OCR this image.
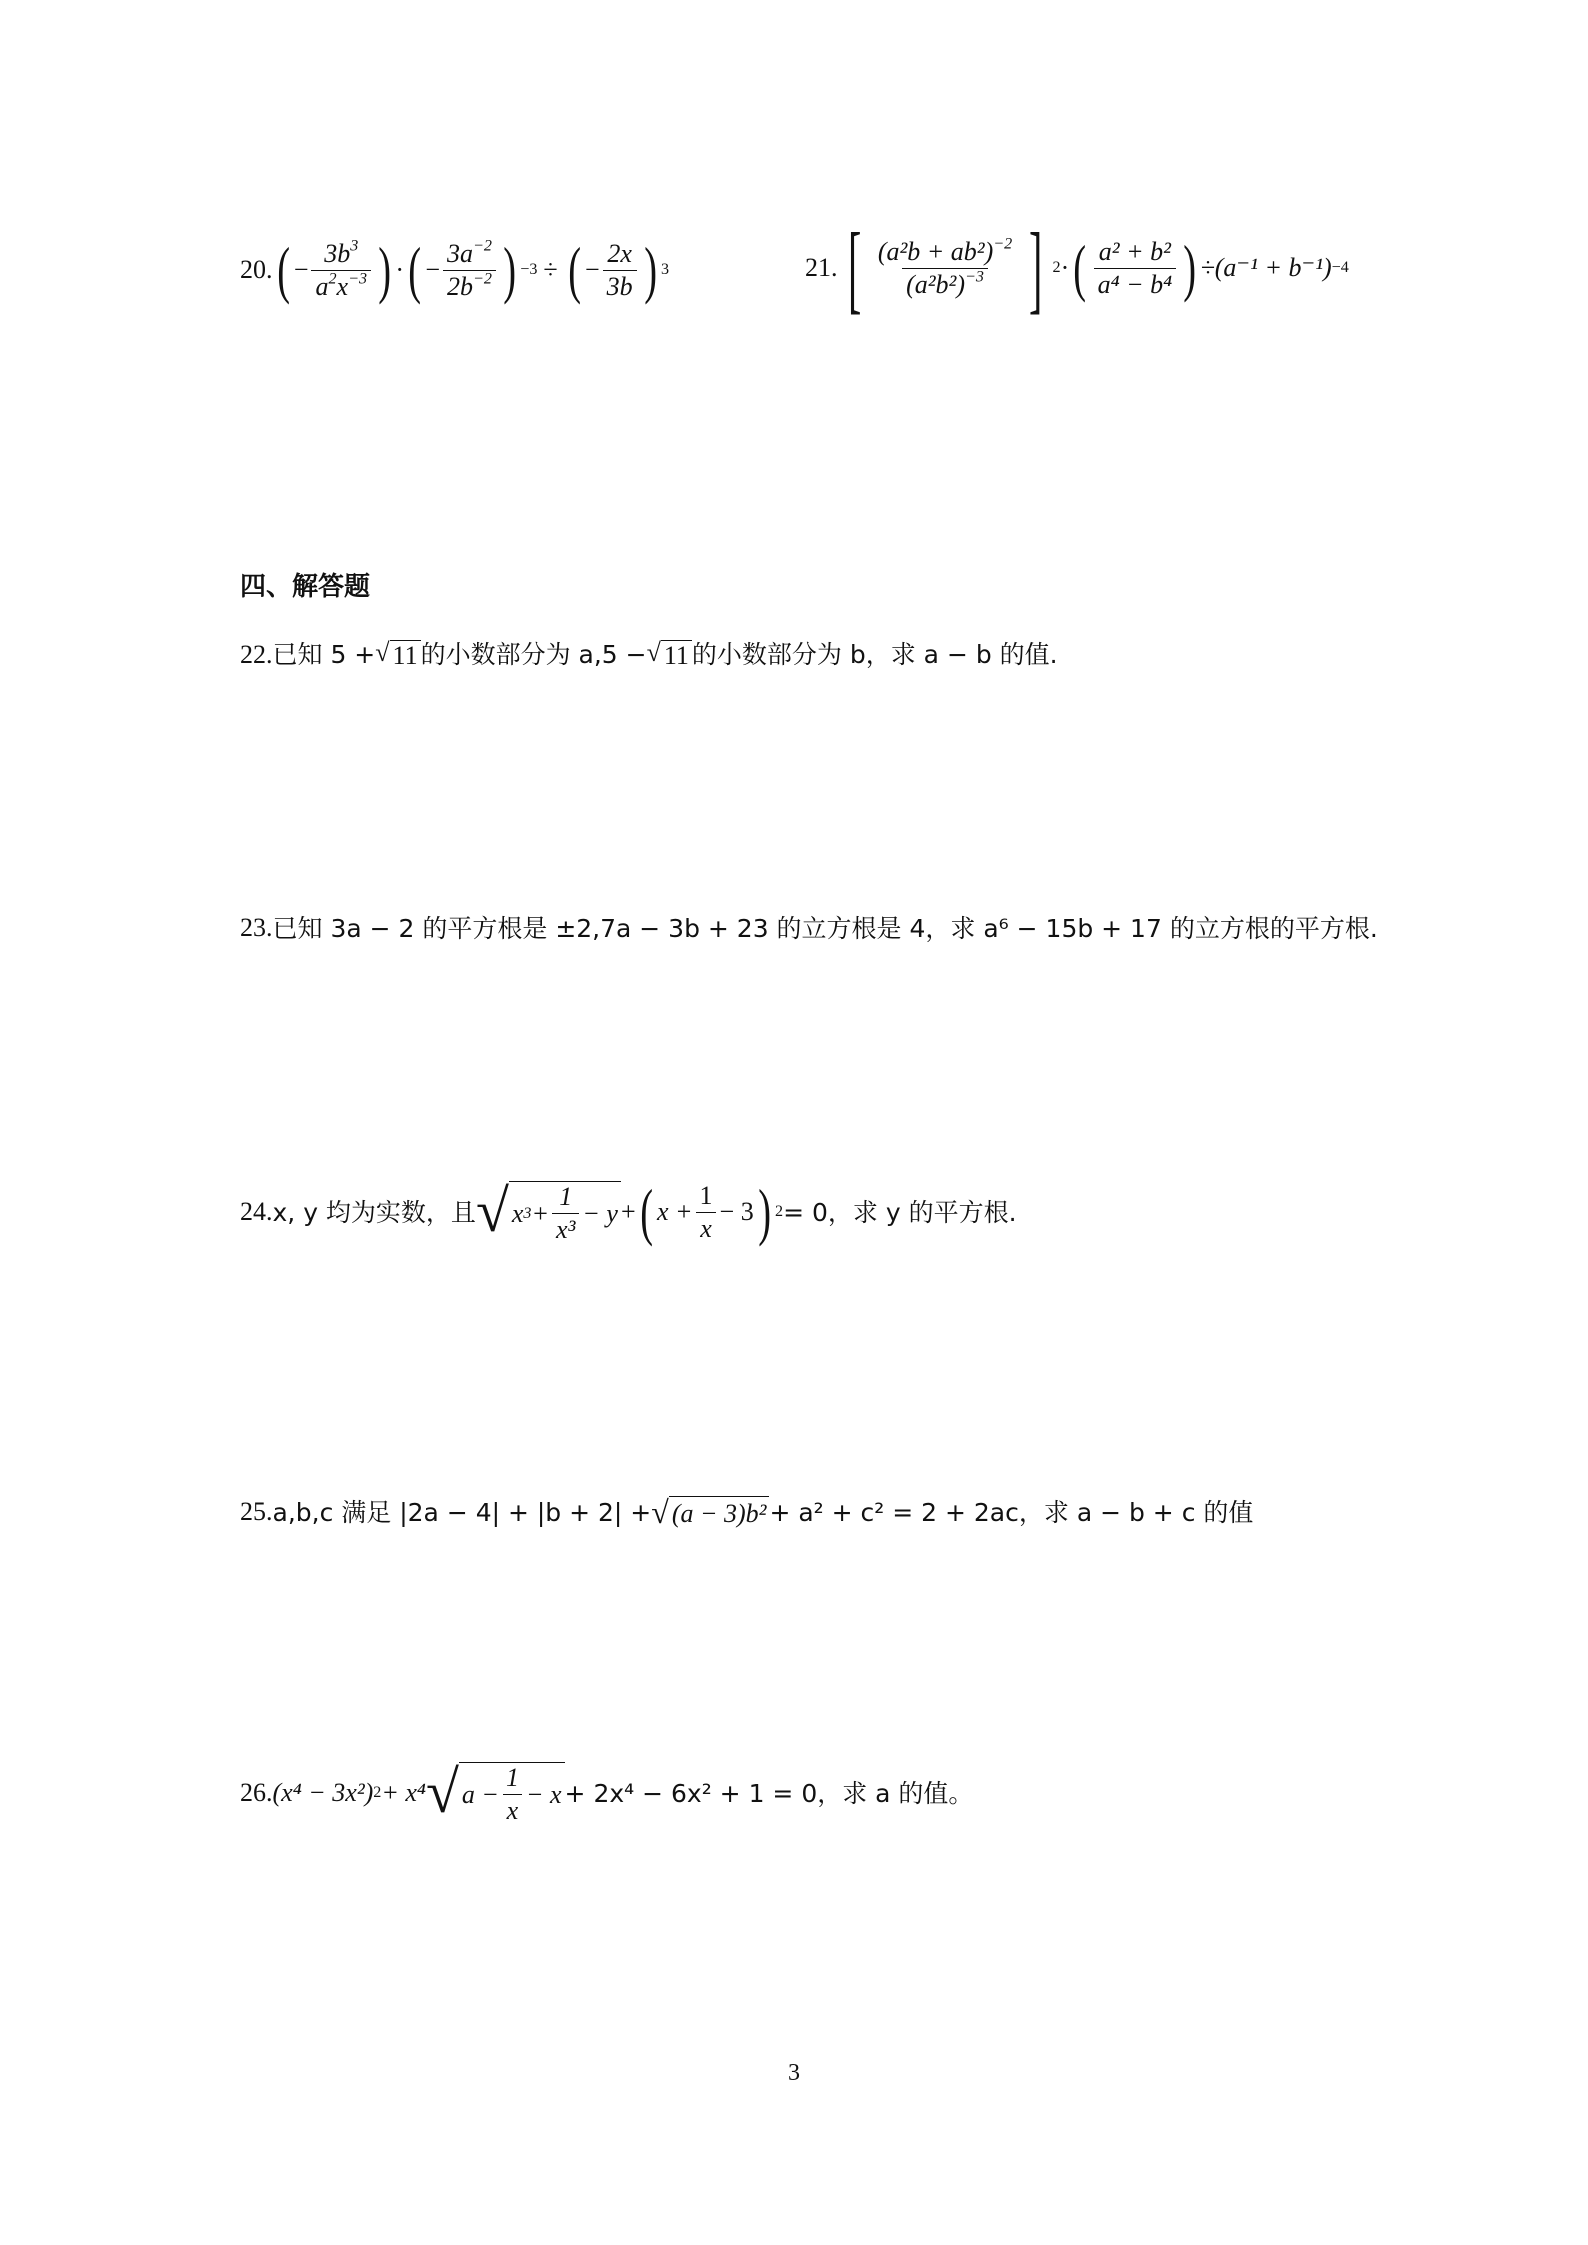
20. ( − $\frac{3b^3}{a^2x^{-3}}$ ) · ( − $\frac{3a^{-2}}{2b^{-2}}$ ) −3 ÷ ( − $\frac{2x}{3b}$ ) 3	21. [ $\frac{(a^2b + ab^2)^{-2}}{(a^2b^2)^{-3}}$ ] 2 · ( $\frac{\text{a² + b²}}{\text{a⁴ − b⁴}}$ ) ÷(a⁻¹ + b⁻¹) −4
四、解答题
22. 已知 5 + √ 11 的小数部分为 a,5 − √ 11 的小数部分为 b，求 a − b 的值.
23. 已知 3a − 2 的平方根是 ±2,7a − 3b + 23 的立方根是 4，求 a⁶ − 15b + 17 的立方根的平方根.
24. x, y 均为实数，且 √ x $3 + \frac{1}{\text{x³}} - y$ + ( $x + \frac{1}{x} - 3$ ) 2 = 0，求 y 的平方根.
25. a,b,c 满足 |2a − 4| + |b + 2| + √ (a − 3)b² + a² + c² = 2 + 2ac，求 a − b + c 的值
26. (x⁴ − 3x²) 2 + x⁴ √ $a - \frac{1}{x} - x + 2x^4 - 6x^2 + 1 = 0$，求 a 的值。
3
